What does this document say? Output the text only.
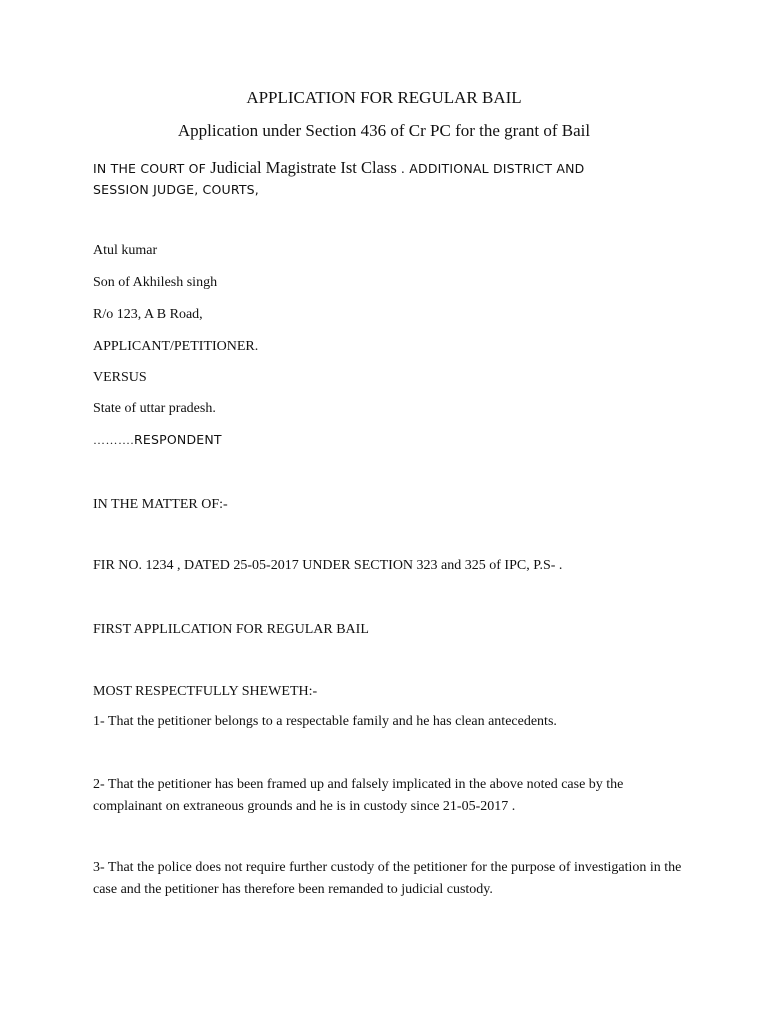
APPLICATION FOR REGULAR BAIL
Application under Section 436 of Cr PC for the grant of Bail
IN THE COURT OF Judicial Magistrate Ist Class . ADDITIONAL DISTRICT AND
SESSION JUDGE, COURTS,
Atul kumar
Son of Akhilesh singh
R/o 123, A B Road,
APPLICANT/PETITIONER.
VERSUS
State of uttar pradesh.
……….RESPONDENT
IN THE MATTER OF:-
FIR NO. 1234 , DATED 25-05-2017 UNDER SECTION 323 and 325 of IPC, P.S- .
FIRST APPLILCATION FOR REGULAR BAIL
MOST RESPECTFULLY SHEWETH:-
1- That the petitioner belongs to a respectable family and he has clean antecedents.
2- That the petitioner has been framed up and falsely implicated in the above noted case by the complainant on extraneous grounds and he is in custody since 21-05-2017 .
3- That the police does not require further custody of the petitioner for the purpose of investigation in the case and the petitioner has therefore been remanded to judicial custody.
